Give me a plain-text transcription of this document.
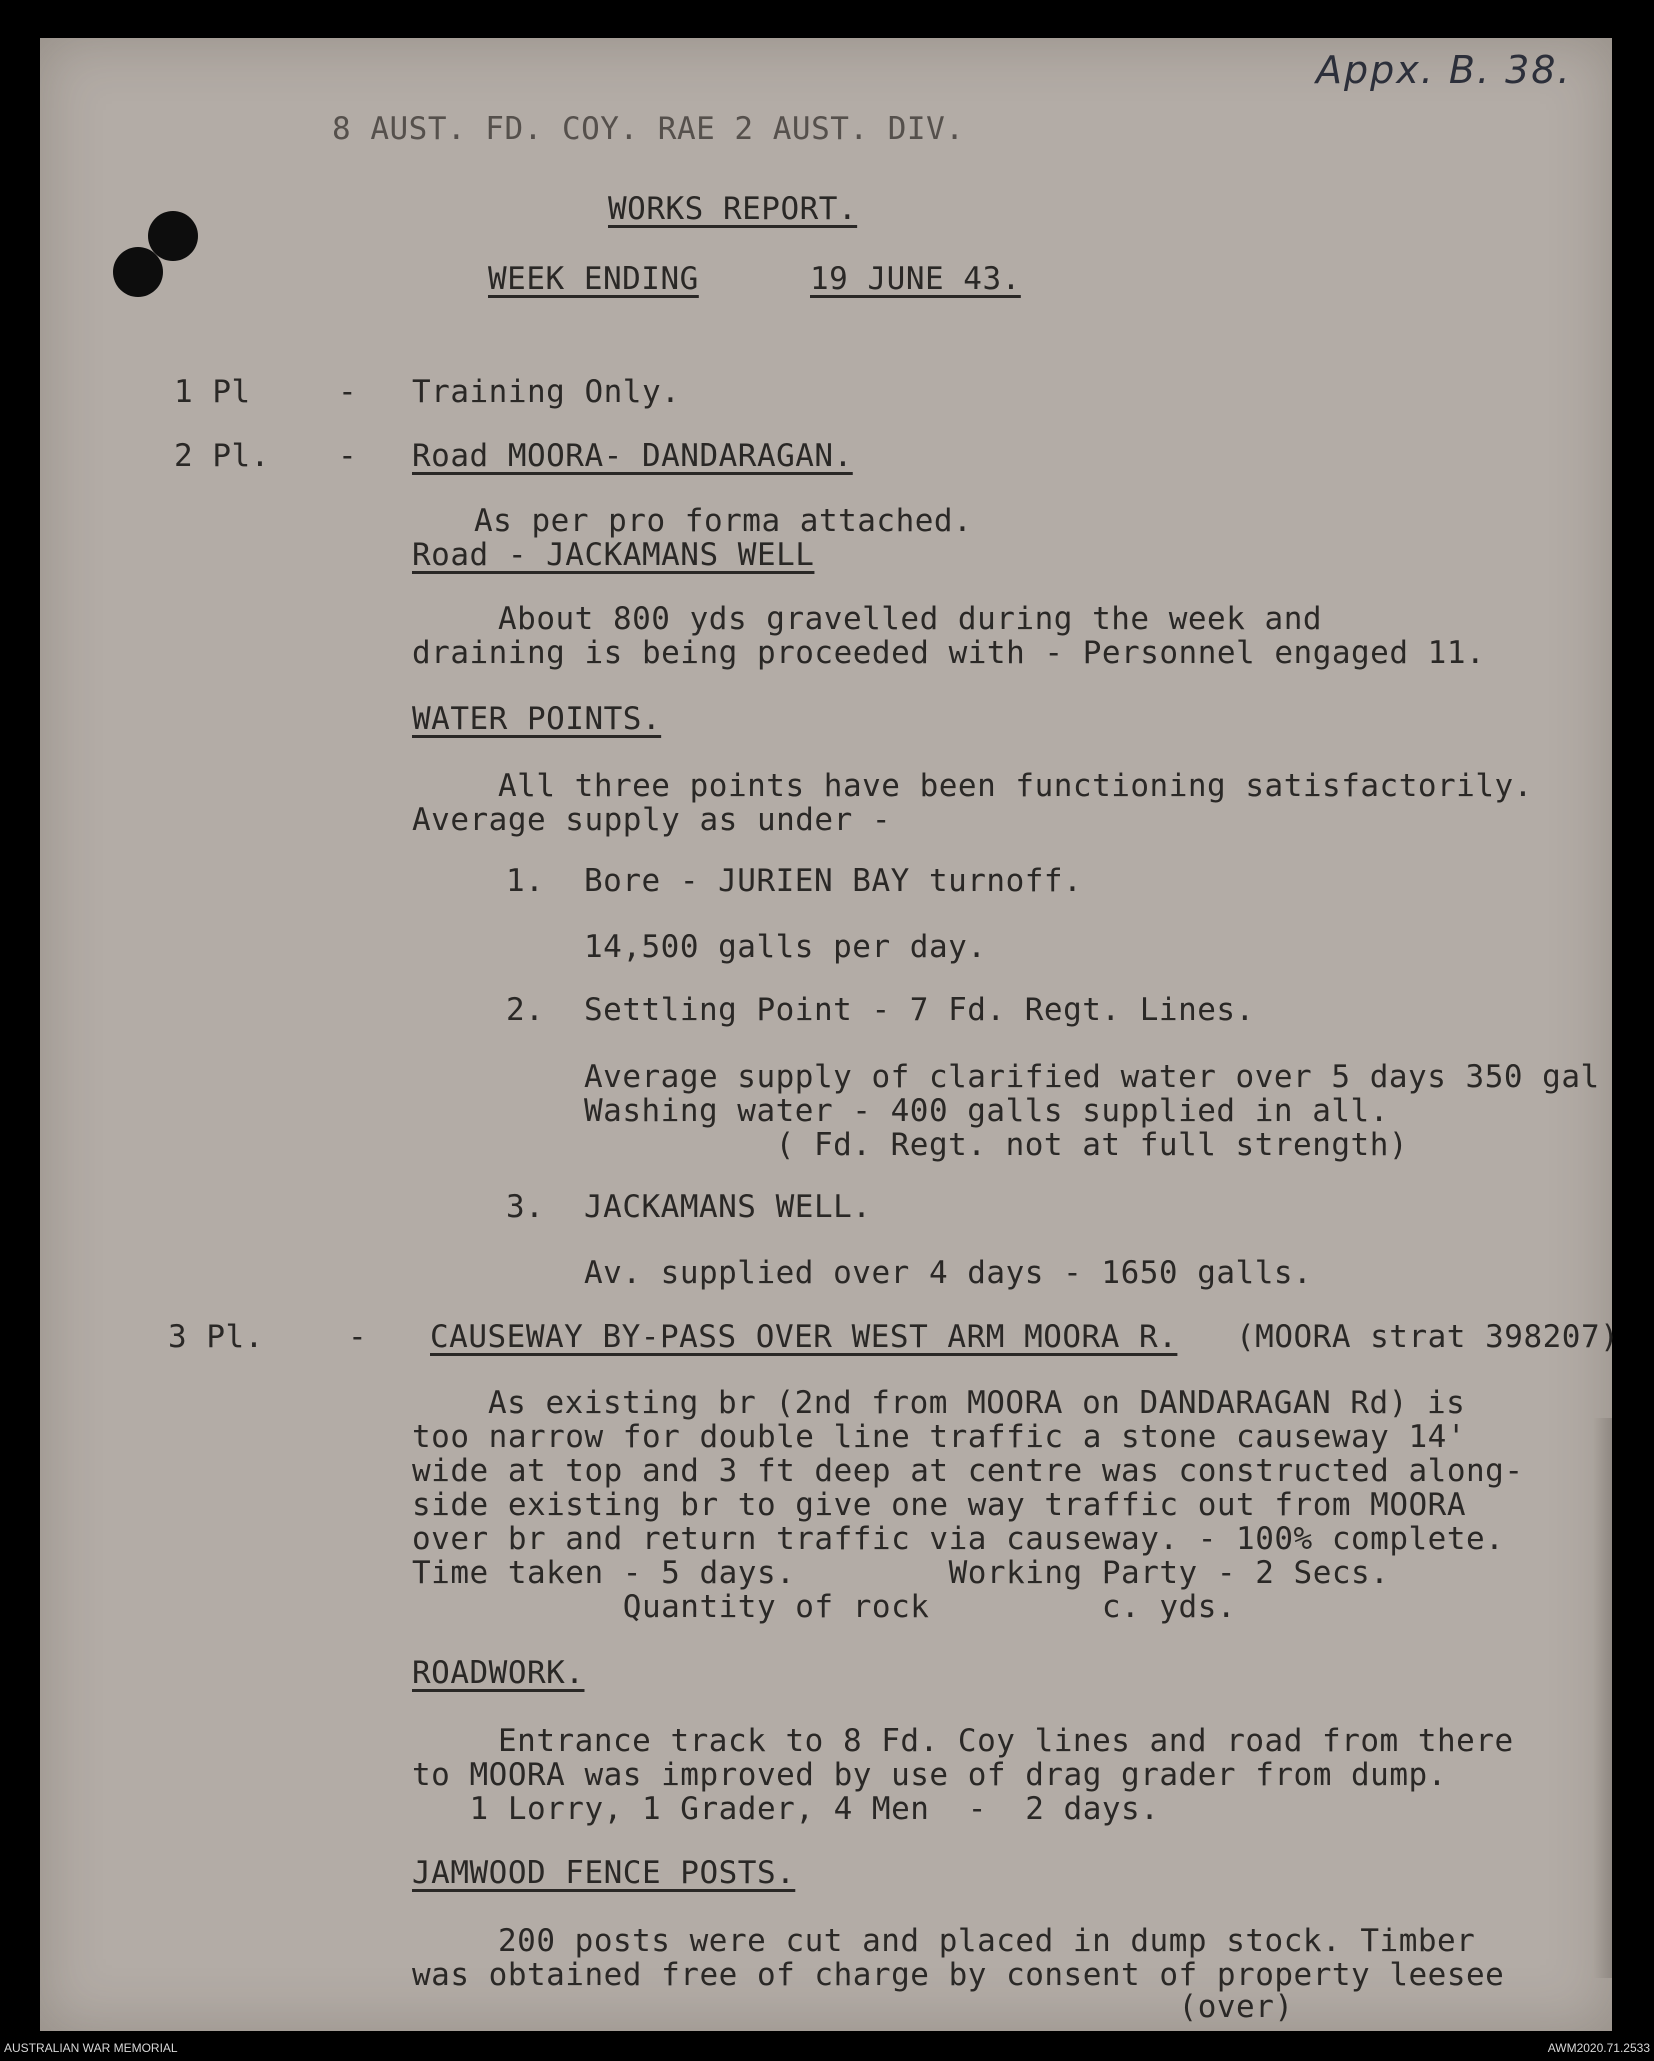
Appx. B. 38.
8 AUST. FD. COY. RAE 2 AUST. DIV.
WORKS REPORT.
WEEK ENDING	19 JUNE 43.
1 Pl	- Training Only.
2 Pl. - Road MOORA- DANDARAGAN.
As per pro forma attached.
Road - JACKAMANS WELL
About 800 yds gravelled during the week and
draining is being proceeded with - Personnel engaged 11.
WATER POINTS.
All three points have been functioning satisfactorily.
Average supply as under -
1. Bore - JURIEN BAY turnoff.
14,500 galls per day.
2. Settling Point - 7 Fd. Regt. Lines.
Average supply of clarified water over 5 days 350 gal
Washing water - 400 galls supplied in all.
( Fd. Regt. not at full strength)
3. JACKAMANS WELL.
Av. supplied over 4 days - 1650 galls.
3 Pl.	- CAUSEWAY BY-PASS OVER WEST ARM MOORA R. (MOORA strat 398207)
As existing br (2nd from MOORA on DANDARAGAN Rd) is
too narrow for double line traffic a stone causeway 14'
wide at top and 3 ft deep at centre was constructed along-
side existing br to give one way traffic out from MOORA
over br and return traffic via causeway. - 100% complete.
Time taken - 5 days.        Working Party - 2 Secs.
Quantity of rock         c. yds.
ROADWORK.
Entrance track to 8 Fd. Coy lines and road from there
to MOORA was improved by use of drag grader from dump.
1 Lorry, 1 Grader, 4 Men  -  2 days.
JAMWOOD FENCE POSTS.
200 posts were cut and placed in dump stock. Timber
was obtained free of charge by consent of property leesee
(over)
AUSTRALIAN WAR MEMORIAL	AWM2020.71.2533
